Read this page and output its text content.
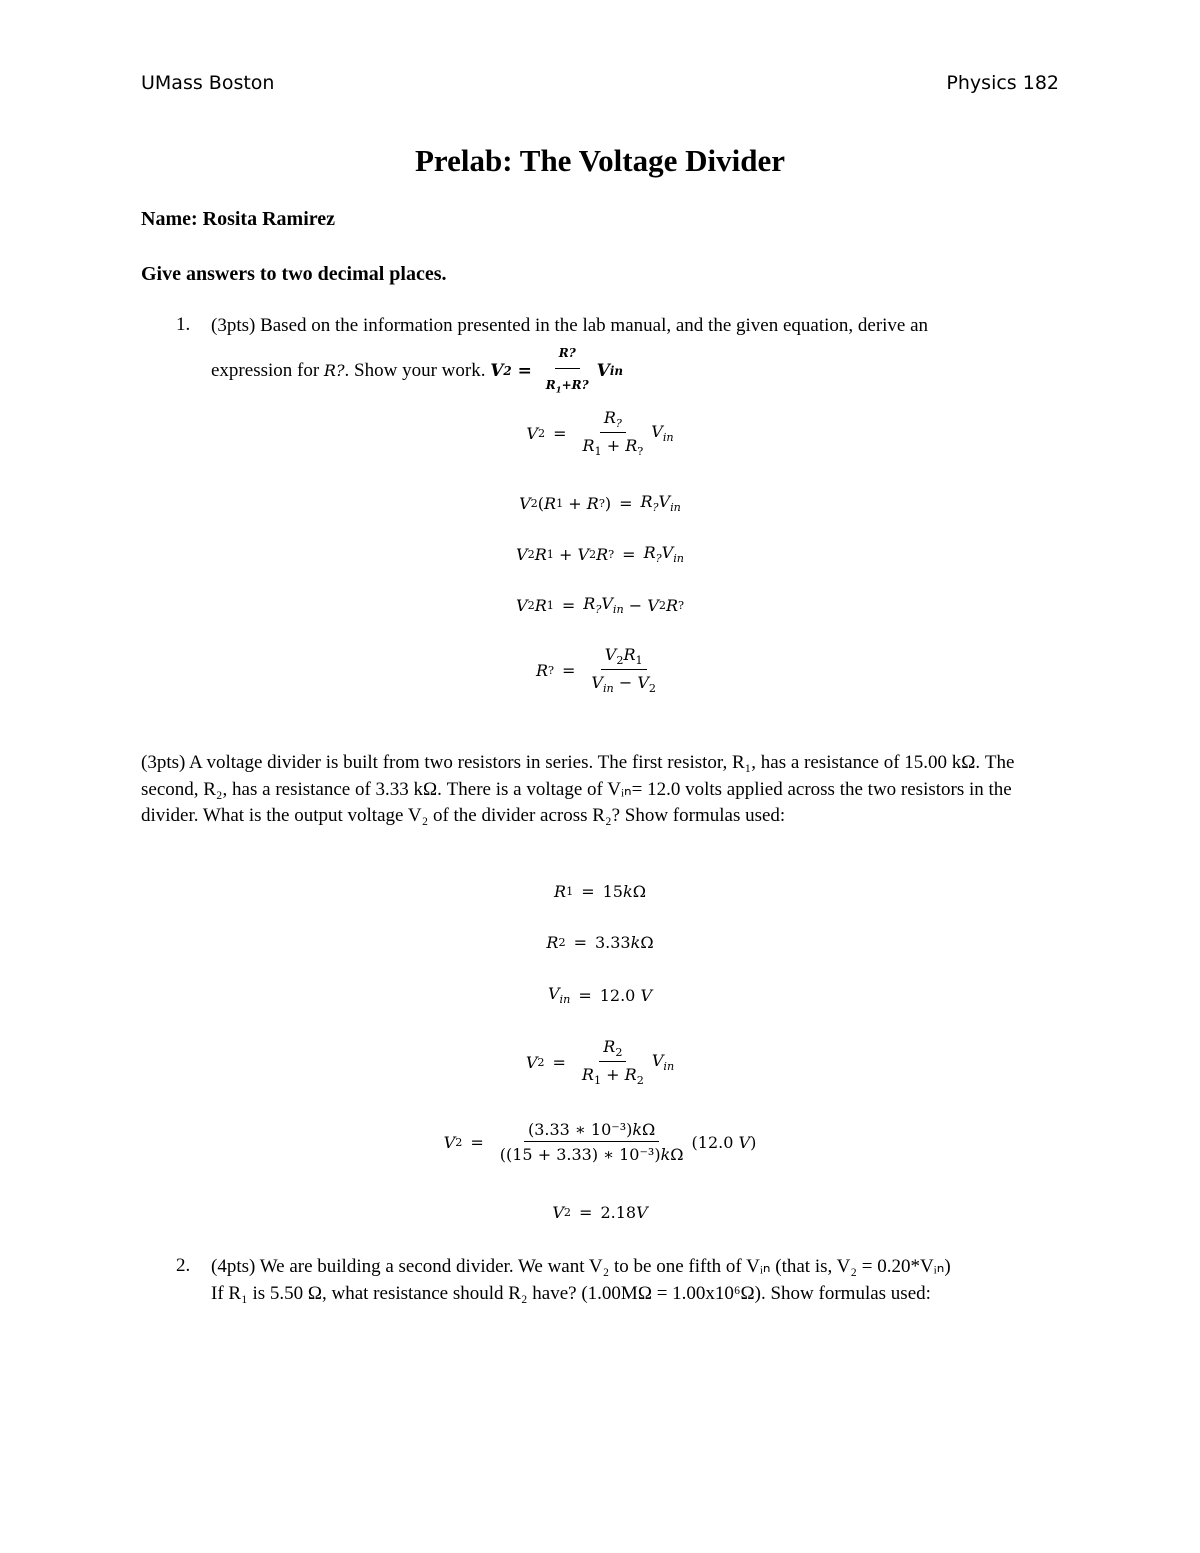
UMass Boston	Physics 182
Prelab: The Voltage Divider
Name: Rosita Ramirez
Give answers to two decimal places.
1. (3pts) Based on the information presented in the lab manual, and the given equation, derive an
expression for R?. Show your work. V $2 = \frac{R?}{R_1+R?}$ V in
V $2 = \frac{R_?}{R_1 + R_?} V_{in}$
V 2 ( R 1 + R ? ) = $R_?V_{in}$
V 2 R 1 + V 2 R ? = $R_?V_{in}$
V 2 R $1 = R_?V_{in} - V$ 2 R ?
R ? = $\frac{V_2R_1}{V_{in} - V_2}$
(3pts) A voltage divider is built from two resistors in series. The first resistor, R₁, has a resistance of 15.00 kΩ. The second, R₂, has a resistance of 3.33 kΩ. There is a voltage of Vᵢₙ= 12.0 volts applied across the two resistors in the divider. What is the output voltage V₂ of the divider across R₂? Show formulas used:
R 1 = 15 k Ω
R 2 = 3.33 k Ω
$V_{in} = 12.0$
V
V $2 = \frac{R_2}{R_1 + R_2} V_{in}$
V $2 = \frac{\text{(3.33 ∗ 10⁻³)kΩ}}{\text{((15 + 3.33) ∗ 10⁻³)kΩ}}$ ( 12.0
V )
V 2 = 2.18 V
2. (4pts) We are building a second divider. We want V₂ to be one fifth of Vᵢₙ (that is, V₂ = 0.20*Vᵢₙ)
If R₁ is 5.50 Ω, what resistance should R₂ have? (1.00MΩ = 1.00x10⁶Ω). Show formulas used:
